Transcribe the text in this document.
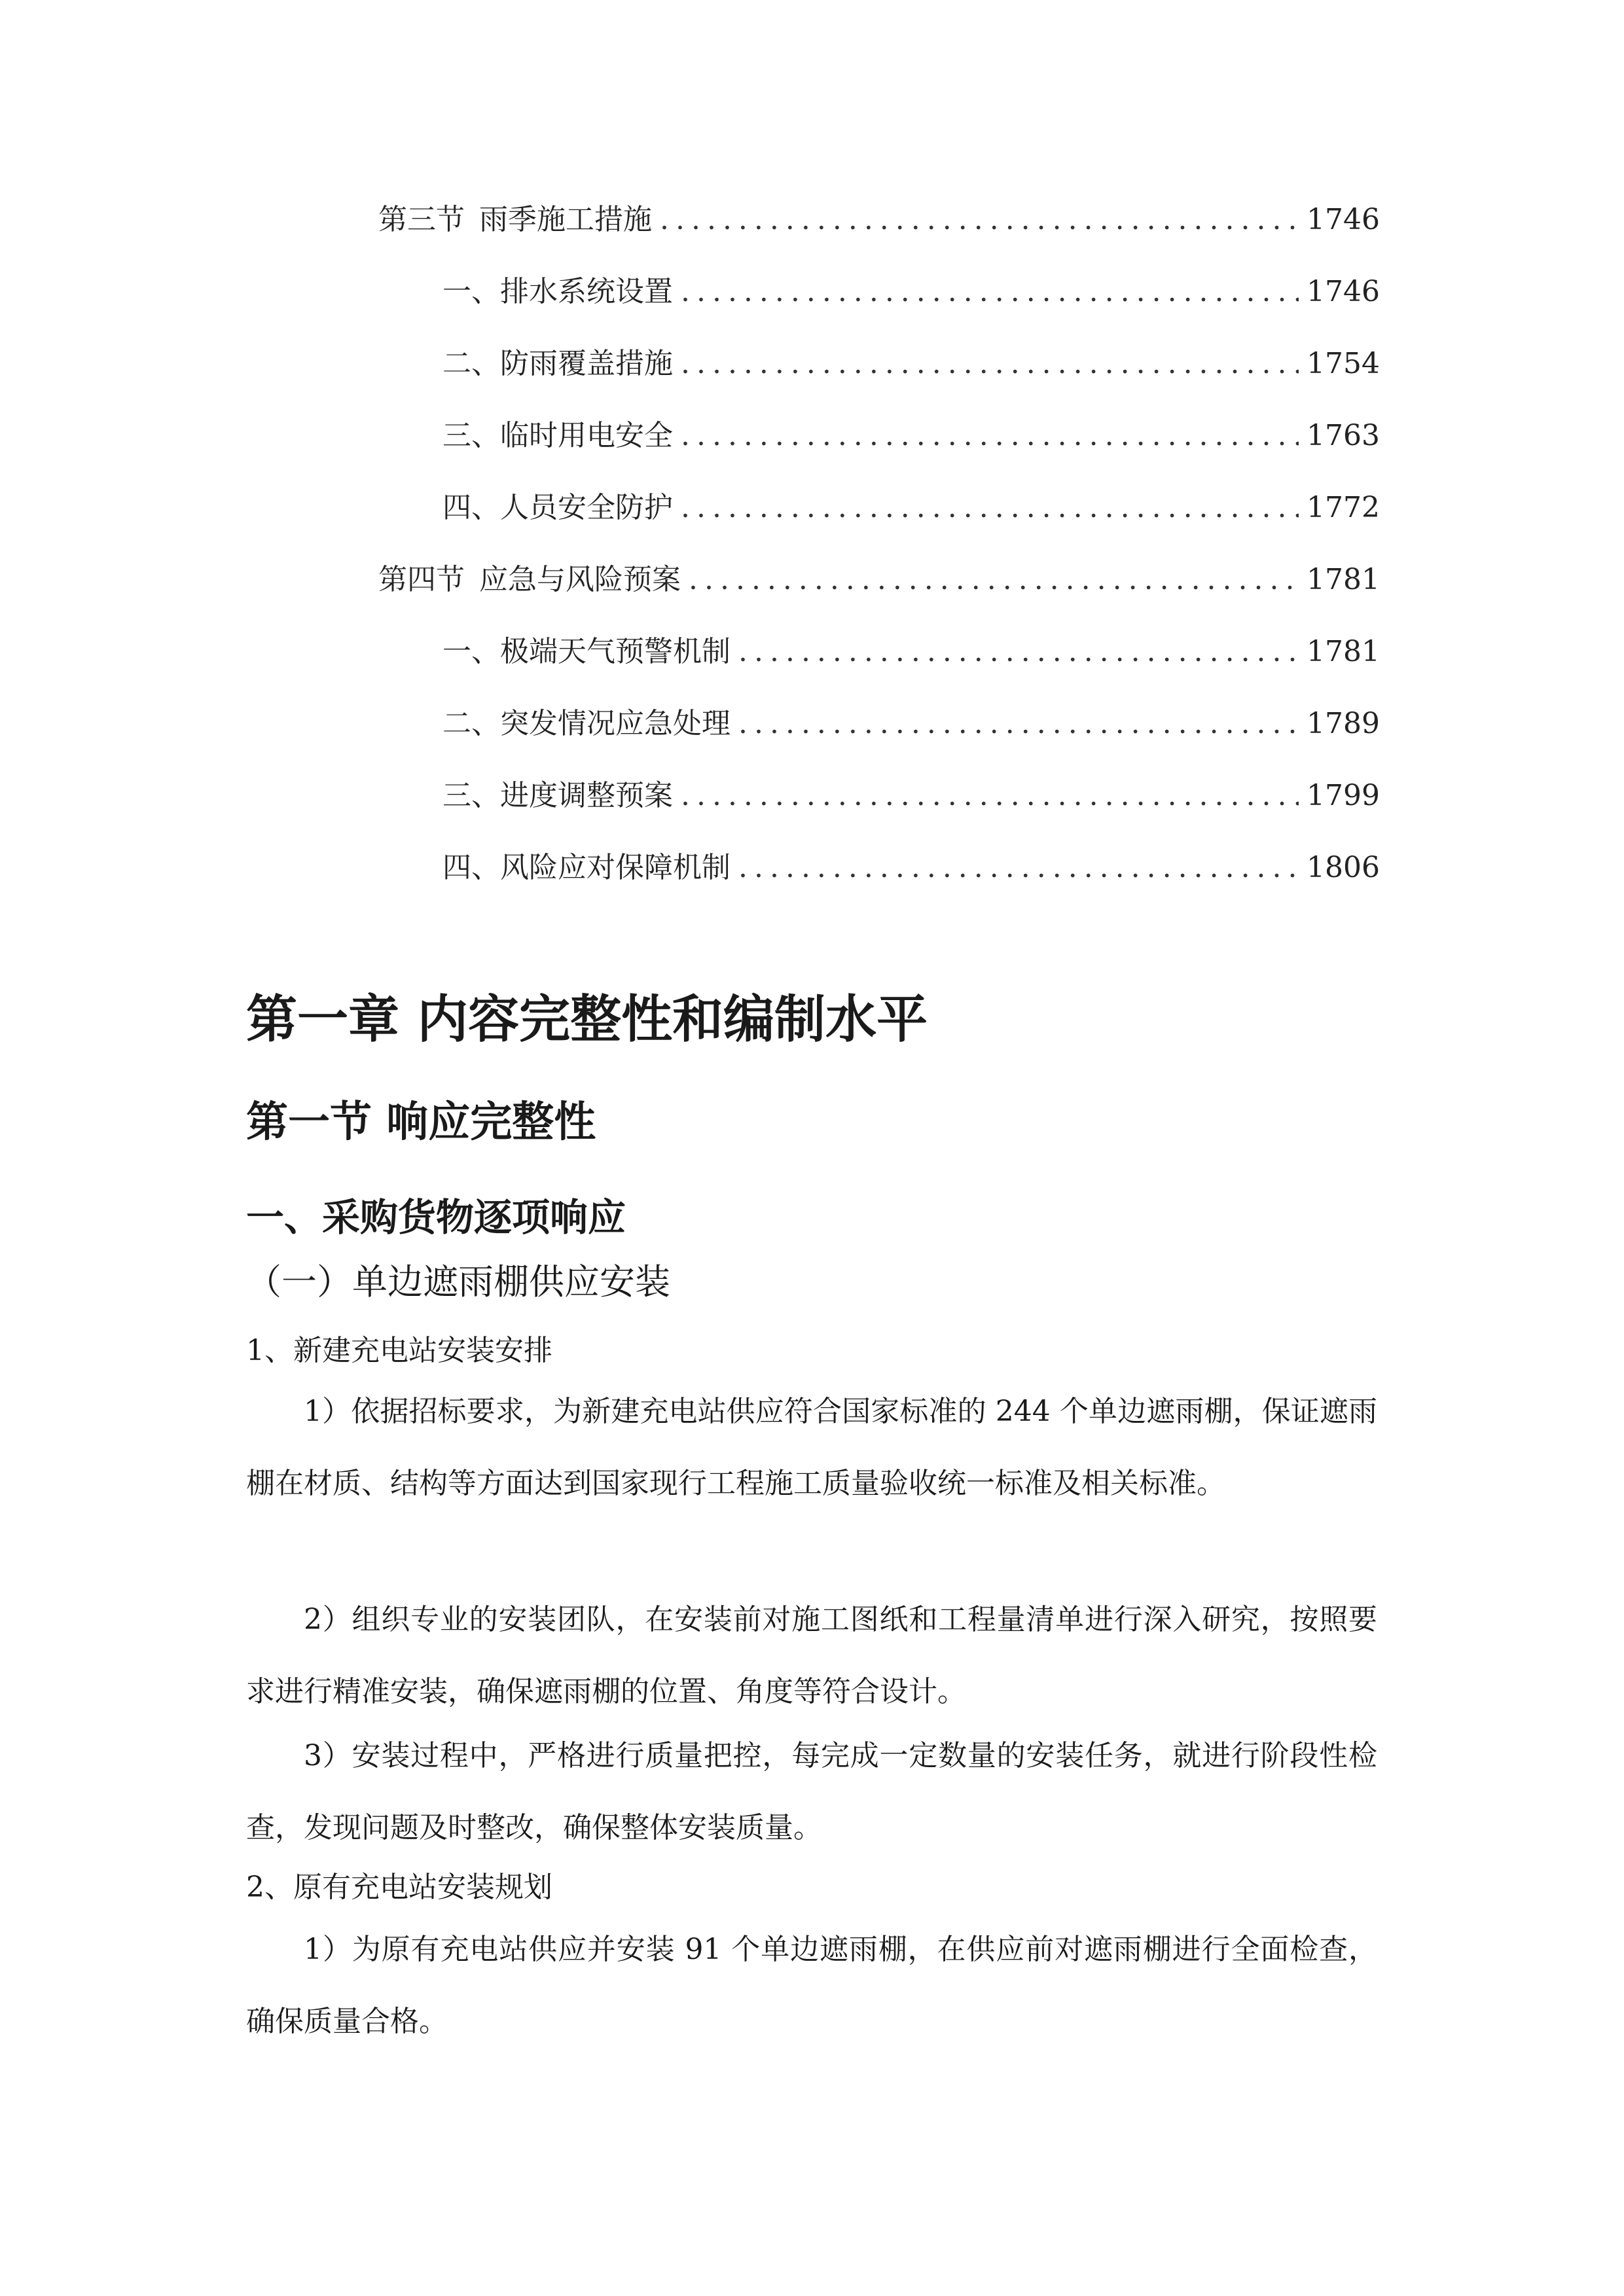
第三节 雨季施工措施 .....	1746
一、 排水系统设置 .....	1746
二、 防雨覆盖措施 .....	1754
三、 临时用电安全 .....	1763
四、 人员安全防护 .....	1772
第四节 应急与风险预案 .....	1781
一、 极端天气预警机制 .....	1781
二、 突发情况应急处理 .....	1789
三、 进度调整预案 .....	1799
四、 风险应对保障机制 .....	1806
第一章 内容完整性和编制水平
第一节 响应完整性
一、采购货物逐项响应
（一）单边遮雨棚供应安装
1、新建充电站安装安排

1）依据招标要求，为新建充电站供应符合国家标准的 244 个单边遮雨棚，保证遮雨棚在材质、结构等方面达到国家现行工程施工质量验收统一标准及相关标准。

2）组织专业的安装团队，在安装前对施工图纸和工程量清单进行深入研究，按照要求进行精准安装，确保遮雨棚的位置、角度等符合设计。

3）安装过程中，严格进行质量把控，每完成一定数量的安装任务，就进行阶段性检查，发现问题及时整改，确保整体安装质量。

2、原有充电站安装规划

1）为原有充电站供应并安装 91 个单边遮雨棚，在供应前对遮雨棚进行全面检查，确保质量合格。
